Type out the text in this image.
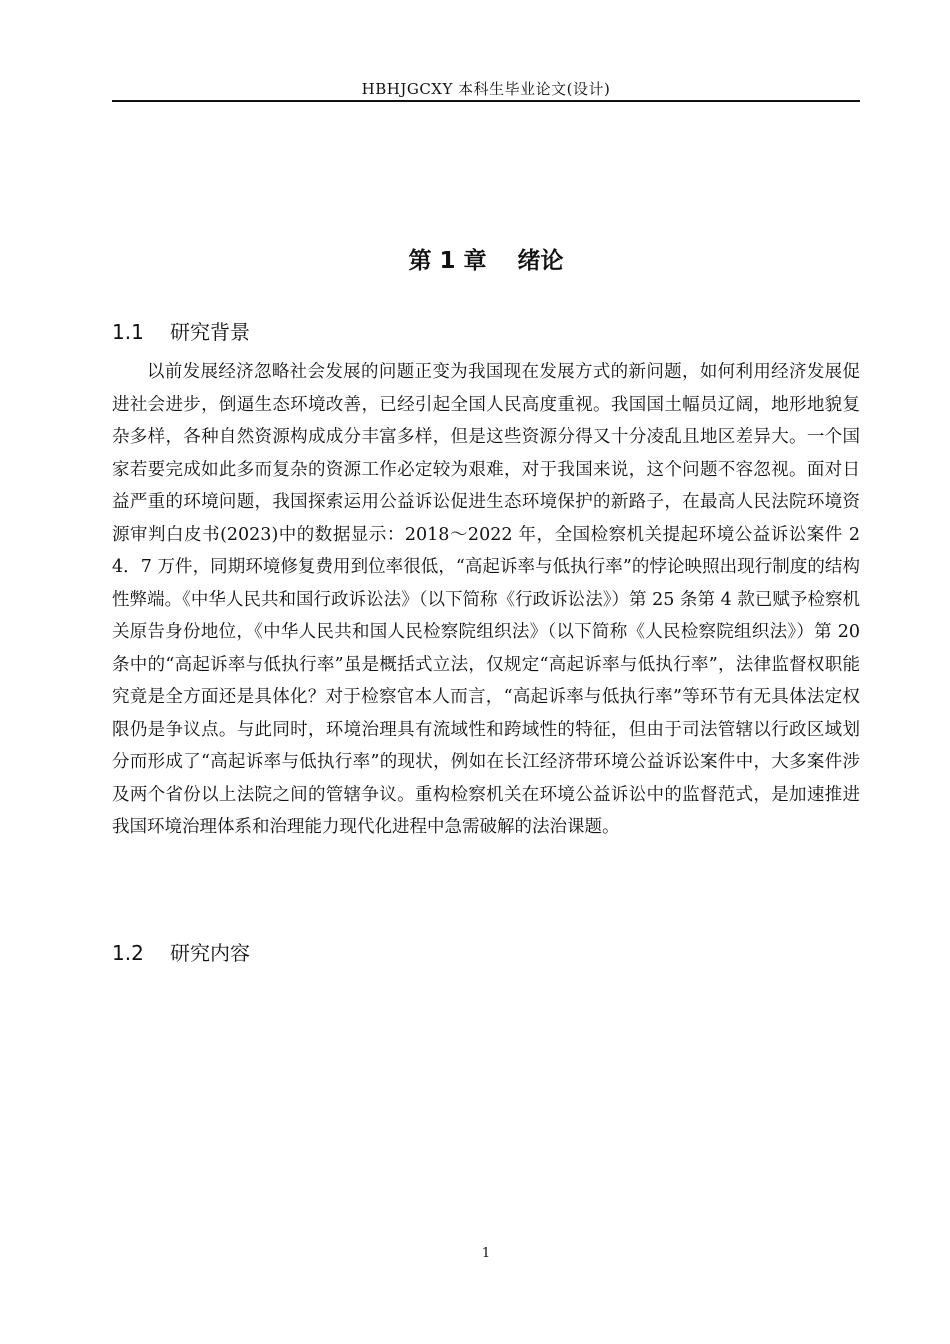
HBHJGCXY 本科生毕业论文(设计)
第 1 章　 绪论
1.1 研究背景

以前发展经济忽略社会发展的问题正变为我国现在发展方式的新问题，如何利用经济发展促进社会进步，倒逼生态环境改善，已经引起全国人民高度重视。我国国土幅员辽阔，地形地貌复杂多样，各种自然资源构成成分丰富多样，但是这些资源分得又十分凌乱且地区差异大。一个国家若要完成如此多而复杂的资源工作必定较为艰难，对于我国来说，这个问题不容忽视。面对日益严重的环境问题，我国探索运用公益诉讼促进生态环境保护的新路子，在最高人民法院环境资源审判白皮书(2023)中的数据显示：2018～2022 年，全国检察机关提起环境公益诉讼案件 24．7 万件，同期环境修复费用到位率很低，“高起诉率与低执行率”的悖论映照出现行制度的结构性弊端。《中华人民共和国行政诉讼法》（以下简称《行政诉讼法》）第 25 条第 4 款已赋予检察机关原告身份地位，《中华人民共和国人民检察院组织法》（以下简称《人民检察院组织法》）第 20 条中的“高起诉率与低执行率”虽是概括式立法，仅规定“高起诉率与低执行率”，法律监督权职能究竟是全方面还是具体化？对于检察官本人而言，“高起诉率与低执行率”等环节有无具体法定权限仍是争议点。与此同时，环境治理具有流域性和跨域性的特征，但由于司法管辖以行政区域划分而形成了“高起诉率与低执行率”的现状，例如在长江经济带环境公益诉讼案件中，大多案件涉及两个省份以上法院之间的管辖争议。重构检察机关在环境公益诉讼中的监督范式，是加速推进我国环境治理体系和治理能力现代化进程中急需破解的法治课题。

1.2 研究内容
1
